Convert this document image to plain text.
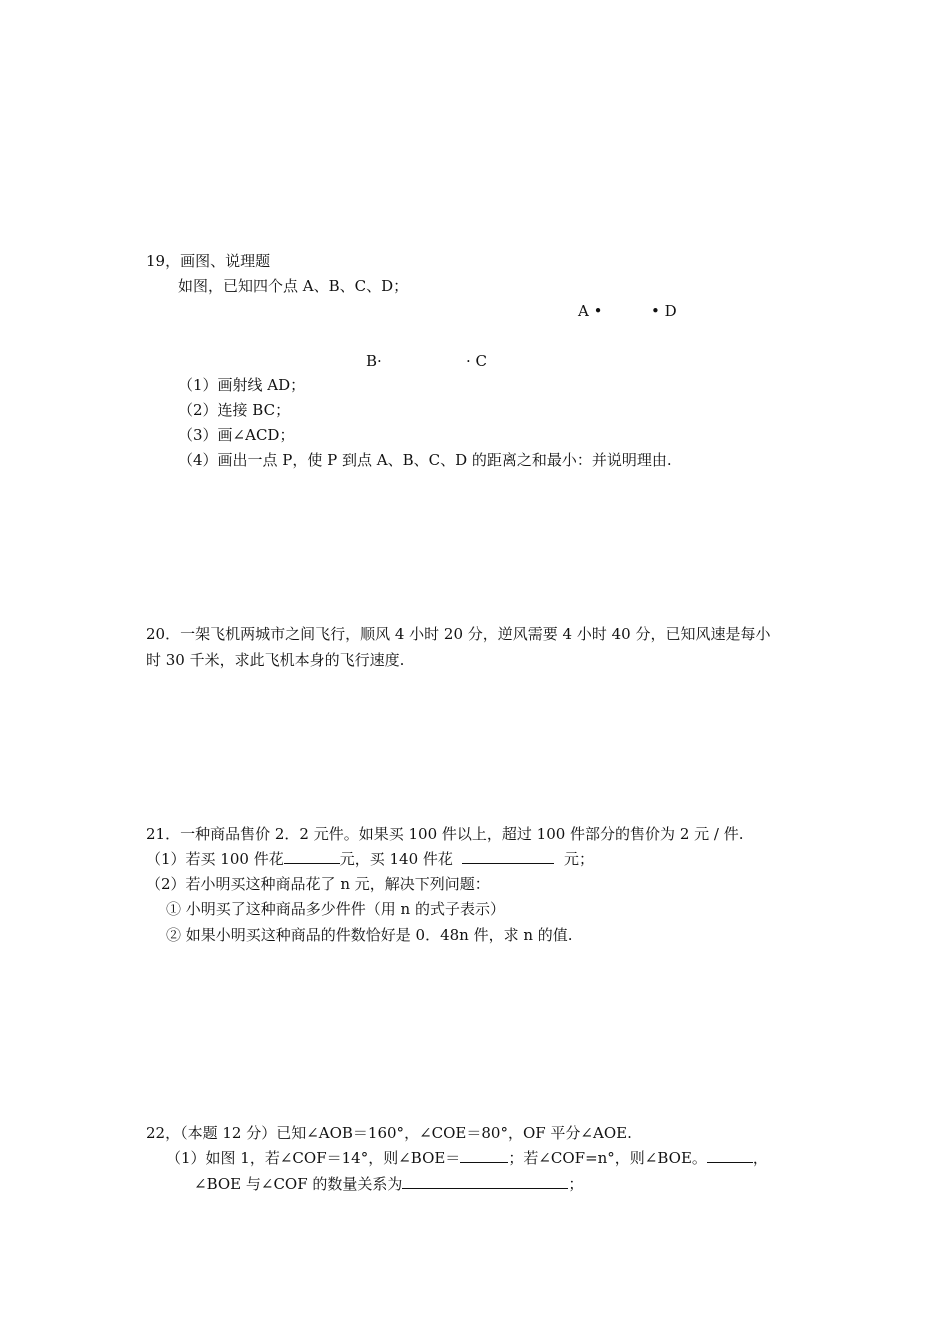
19，画图、说理题
如图，已知四个点 A、B、C、D；
A •	• D
B·	· C
（1）画射线 AD；
（2）连接 BC；
（3）画∠ACD；
（4）画出一点 P，使 P 到点 A、B、C、D 的距离之和最小：并说明理由.
20．一架飞机两城市之间飞行，顺风 4 小时 20 分，逆风需要 4 小时 40 分，已知风速是每小
时 30 千米，求此飞机本身的飞行速度.
21．一种商品售价 2．2 元件。如果买 100 件以上，超过 100 件部分的售价为 2 元 / 件.
（1）若买 100 件花	元，买 140 件花	元；
（2）若小明买这种商品花了 n 元，解决下列问题：
① 小明买了这种商品多少件件（用 n 的式子表示）
② 如果小明买这种商品的件数恰好是 0．48n 件，求 n 的值.
22，（本题 12 分）已知∠AOB＝160°，∠COE＝80°，OF 平分∠AOE.
（1）如图 1，若∠COF＝14°，则∠BOE＝	；若∠COF=n°，则∠BOE。	，
∠BOE 与∠COF 的数量关系为	；
